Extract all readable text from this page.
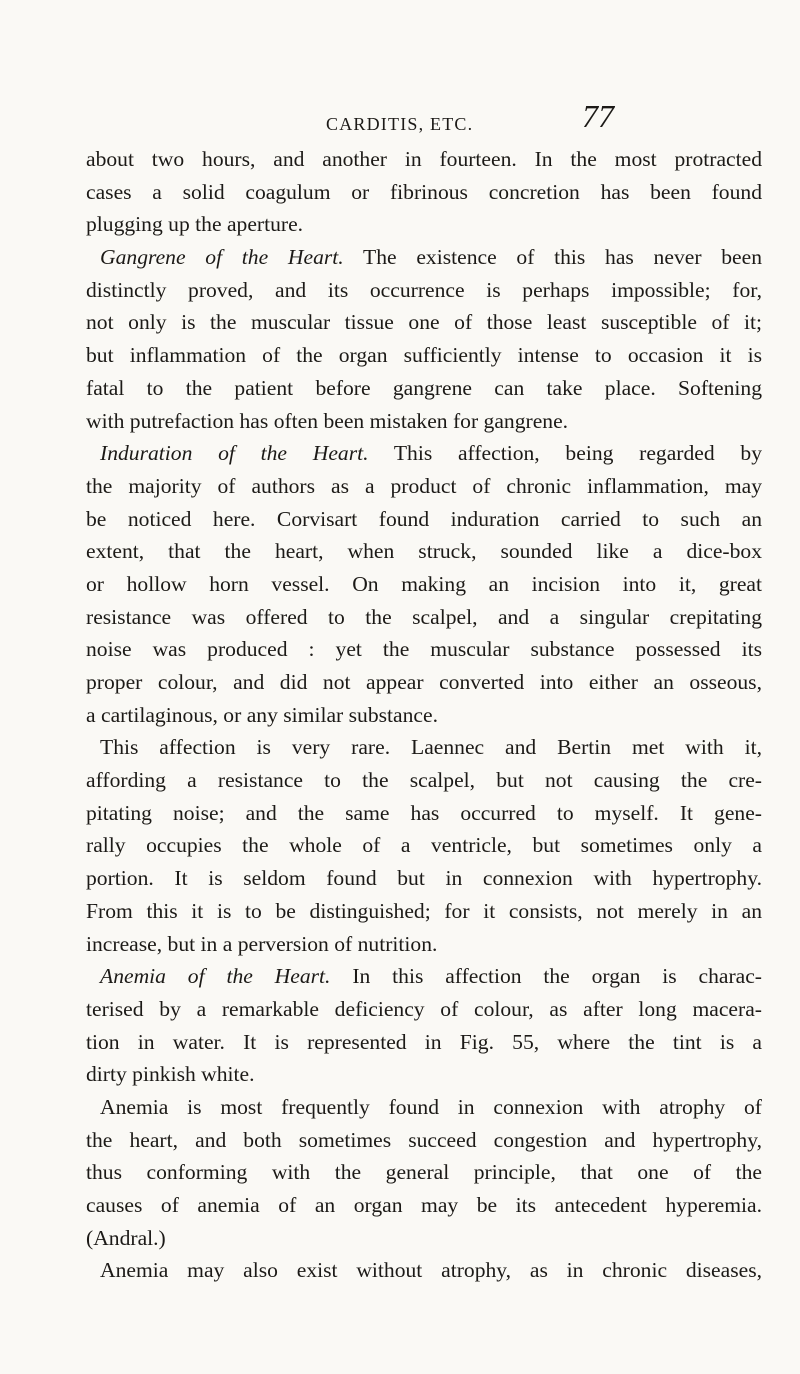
CARDITIS, ETC.	77
about two hours, and another in fourteen. In the most protracted
cases a solid coagulum or fibrinous concretion has been found
plugging up the aperture.
Gangrene of the Heart. The existence of this has never been
distinctly proved, and its occurrence is perhaps impossible; for,
not only is the muscular tissue one of those least susceptible of it;
but inflammation of the organ sufficiently intense to occasion it is
fatal to the patient before gangrene can take place. Softening
with putrefaction has often been mistaken for gangrene.
Induration of the Heart. This affection, being regarded by
the majority of authors as a product of chronic inflammation, may
be noticed here. Corvisart found induration carried to such an
extent, that the heart, when struck, sounded like a dice-box
or hollow horn vessel. On making an incision into it, great
resistance was offered to the scalpel, and a singular crepitating
noise was produced : yet the muscular substance possessed its
proper colour, and did not appear converted into either an osseous,
a cartilaginous, or any similar substance.
This affection is very rare. Laennec and Bertin met with it,
affording a resistance to the scalpel, but not causing the cre-
pitating noise; and the same has occurred to myself. It gene-
rally occupies the whole of a ventricle, but sometimes only a
portion. It is seldom found but in connexion with hypertrophy.
From this it is to be distinguished; for it consists, not merely in an
increase, but in a perversion of nutrition.
Anemia of the Heart. In this affection the organ is charac-
terised by a remarkable deficiency of colour, as after long macera-
tion in water. It is represented in Fig. 55, where the tint is a
dirty pinkish white.
Anemia is most frequently found in connexion with atrophy of
the heart, and both sometimes succeed congestion and hypertrophy,
thus conforming with the general principle, that one of the
causes of anemia of an organ may be its antecedent hyperemia.
(Andral.)
Anemia may also exist without atrophy, as in chronic diseases,
